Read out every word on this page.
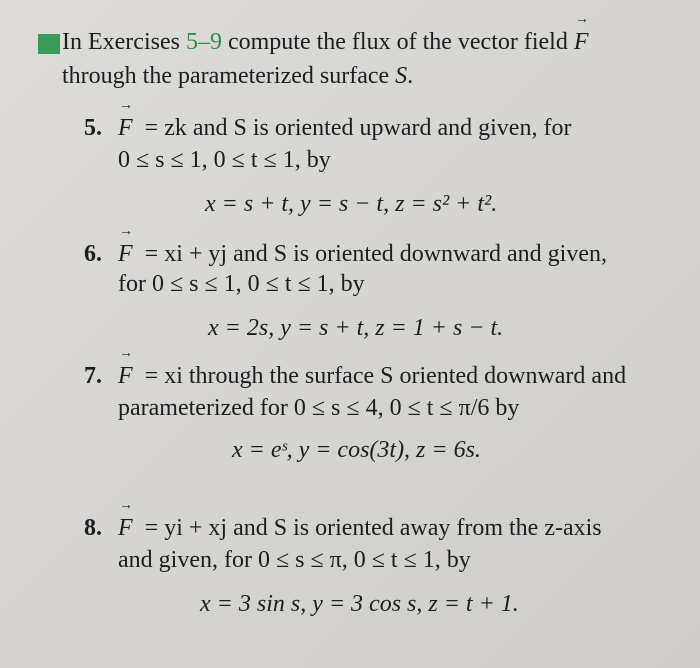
In Exercises 5–9 compute the flux of the vector field → F
through the parameterized surface S.
5. → F = zk and S is oriented upward and given, for
0 ≤ s ≤ 1, 0 ≤ t ≤ 1, by
x = s + t, y = s − t, z = s² + t².
6. → F = xi + yj and S is oriented downward and given,
for 0 ≤ s ≤ 1, 0 ≤ t ≤ 1, by
x = 2s, y = s + t, z = 1 + s − t.
7. → F = xi through the surface S oriented downward and
parameterized for 0 ≤ s ≤ 4, 0 ≤ t ≤ π/6 by
x = eˢ, y = cos(3t), z = 6s.
8. → F = yi + xj and S is oriented away from the z-axis
and given, for 0 ≤ s ≤ π, 0 ≤ t ≤ 1, by
x = 3 sin s, y = 3 cos s, z = t + 1.
